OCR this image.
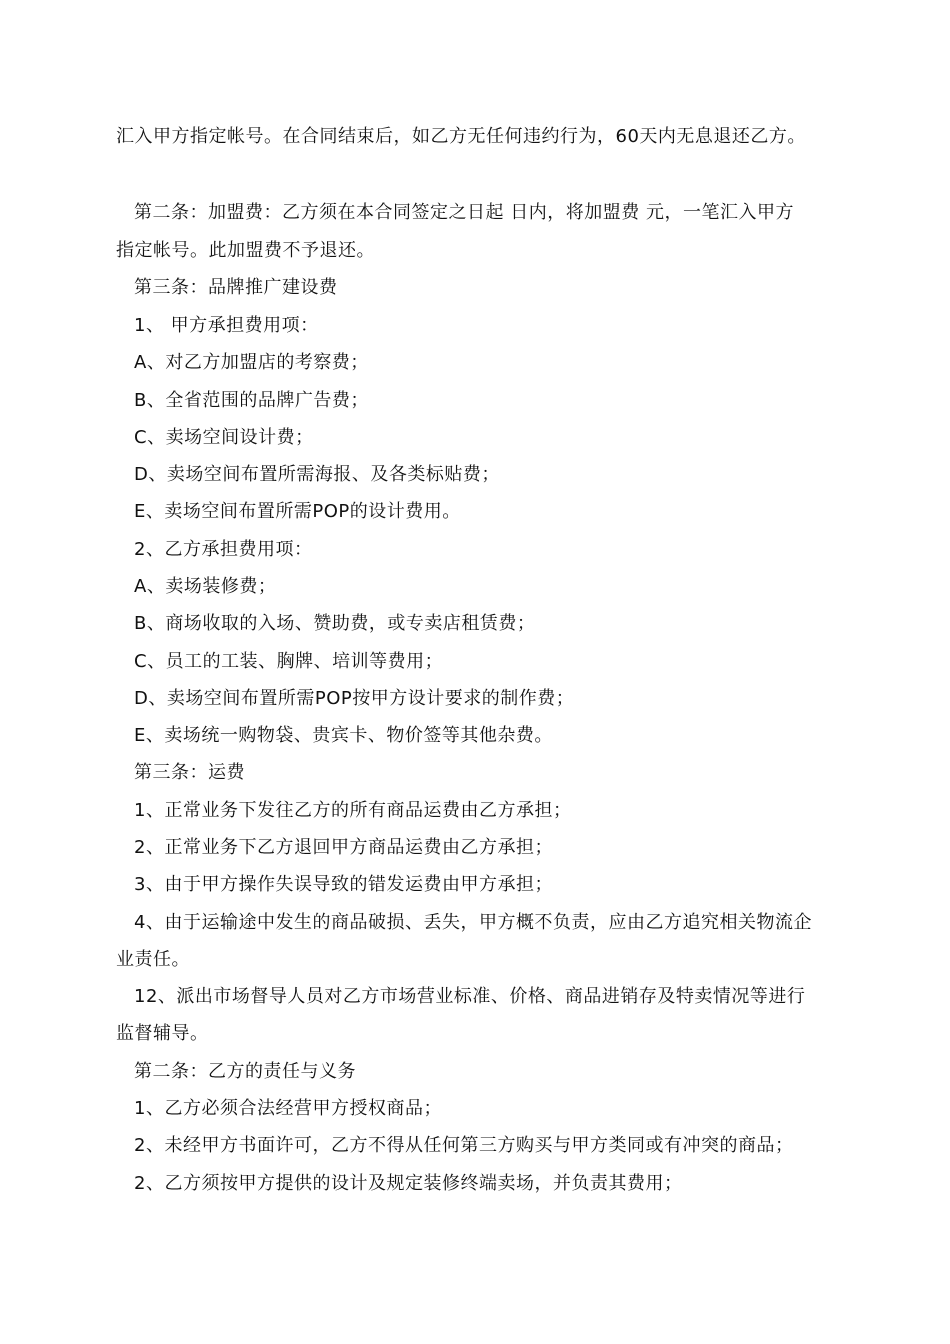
汇入甲方指定帐号。在合同结束后，如乙方无任何违约行为，60天内无息退还乙方。
第二条：加盟费：乙方须在本合同签定之日起 日内，将加盟费 元，一笔汇入甲方
指定帐号。此加盟费不予退还。
第三条：品牌推广建设费
1、 甲方承担费用项：
A、对乙方加盟店的考察费；
B、全省范围的品牌广告费；
C、卖场空间设计费；
D、卖场空间布置所需海报、及各类标贴费；
E、卖场空间布置所需POP的设计费用。
2、乙方承担费用项：
A、卖场装修费；
B、商场收取的入场、赞助费，或专卖店租赁费；
C、员工的工装、胸牌、培训等费用；
D、卖场空间布置所需POP按甲方设计要求的制作费；
E、卖场统一购物袋、贵宾卡、物价签等其他杂费。
第三条：运费
1、正常业务下发往乙方的所有商品运费由乙方承担；
2、正常业务下乙方退回甲方商品运费由乙方承担；
3、由于甲方操作失误导致的错发运费由甲方承担；
4、由于运输途中发生的商品破损、丢失，甲方概不负责，应由乙方追究相关物流企
业责任。
12、派出市场督导人员对乙方市场营业标准、价格、商品进销存及特卖情况等进行
监督辅导。
第二条：乙方的责任与义务
1、乙方必须合法经营甲方授权商品；
2、未经甲方书面许可，乙方不得从任何第三方购买与甲方类同或有冲突的商品；
2、乙方须按甲方提供的设计及规定装修终端卖场，并负责其费用；
